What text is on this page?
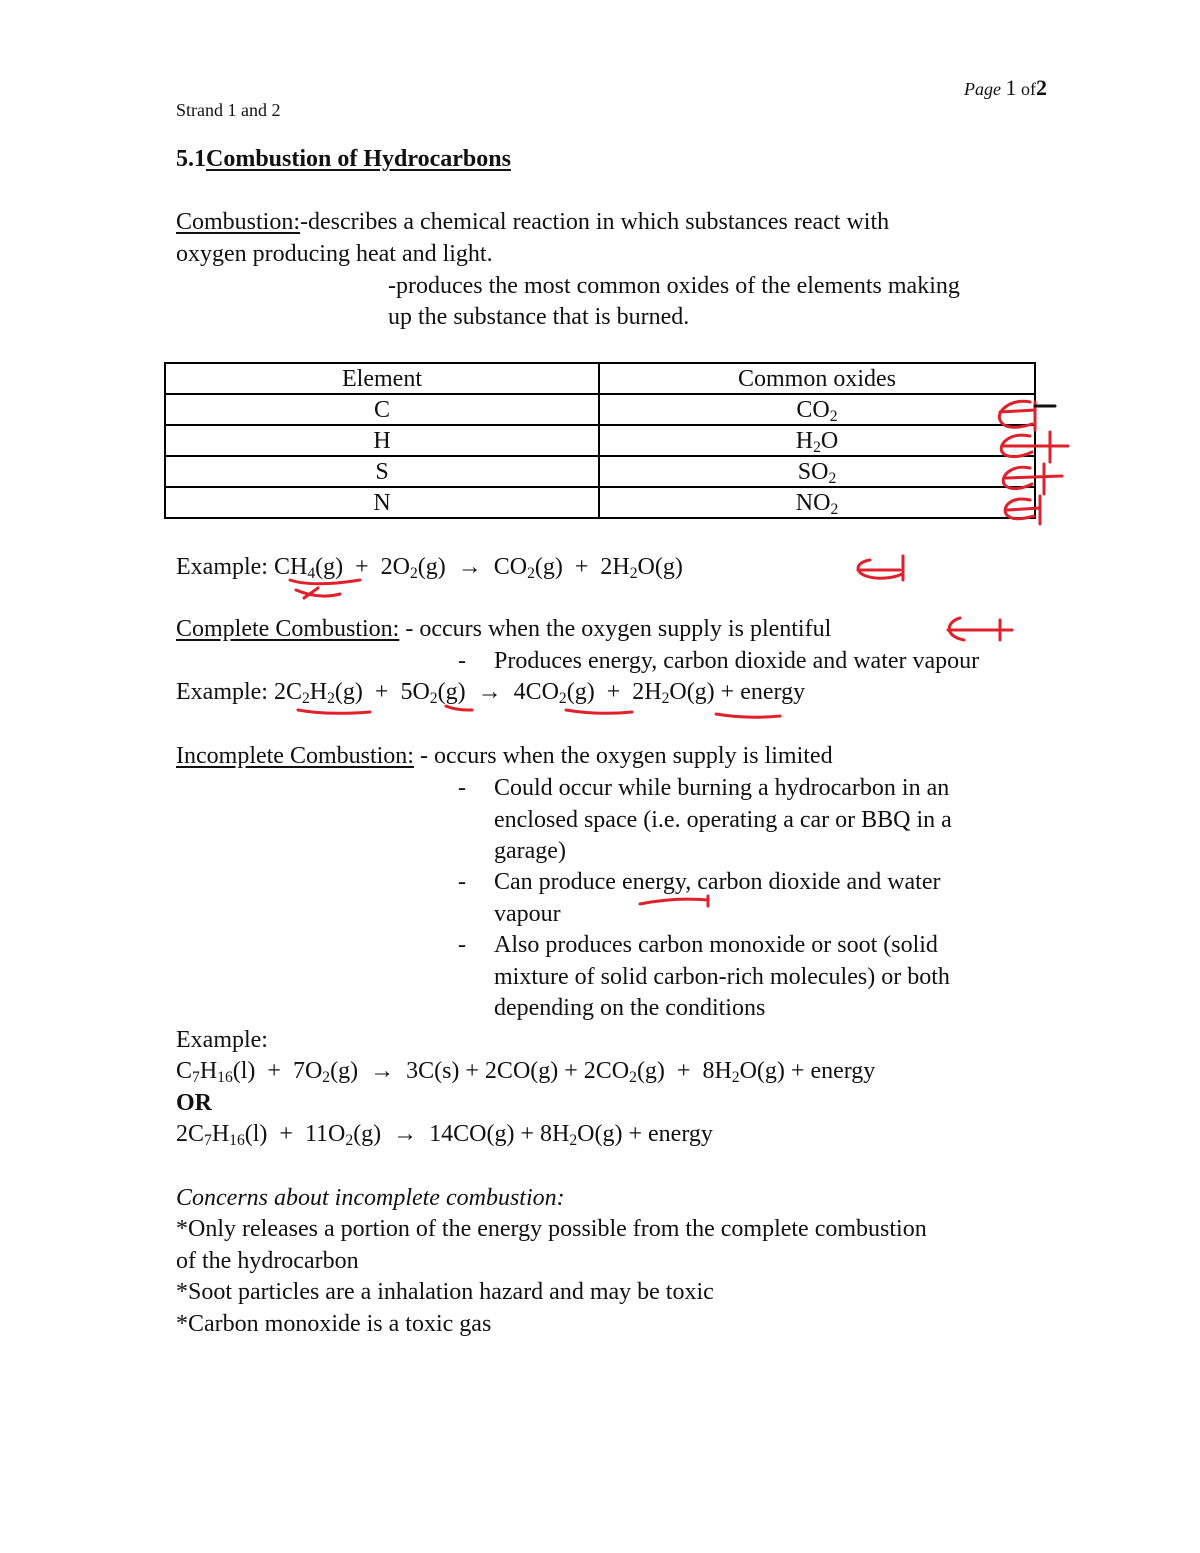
Page 1 of2
Strand 1 and 2
5.1Combustion of Hydrocarbons
Combustion:-describes a chemical reaction in which substances react with
oxygen producing heat and light.
-produces the most common oxides of the elements making
up the substance that is burned.
Element	Common oxides
C	$CO_2$
H	$H_2O$
S	$SO_2$
N	$NO_2$
Example: $CH_4(g) + 2O_2(g) \to CO_2(g) + 2H_2O(g)$
Complete Combustion: - occurs when the oxygen supply is plentiful
- Produces energy, carbon dioxide and water vapour
Example: $2C_2H_2(g) + 5O_2(g) \to 4CO_2(g) + 2H_2O(g)$ + energy
Incomplete Combustion: - occurs when the oxygen supply is limited
- Could occur while burning a hydrocarbon in an
enclosed space (i.e. operating a car or BBQ in a
garage)
- Can produce energy, carbon dioxide and water
vapour
- Also produces carbon monoxide or soot (solid
mixture of solid carbon-rich molecules) or both
depending on the conditions
Example:
$C_7H_{16}(l) + 7O_2(g) \to 3C(s) + 2CO(g) + 2CO_2(g) + 8H_2O(g)$ + energy
OR
$2C_7H_{16}(l) + 11O_2(g) \to 14CO(g) + 8H_2O(g)$ + energy
Concerns about incomplete combustion:
*Only releases a portion of the energy possible from the complete combustion
of the hydrocarbon
*Soot particles are a inhalation hazard and may be toxic
*Carbon monoxide is a toxic gas
